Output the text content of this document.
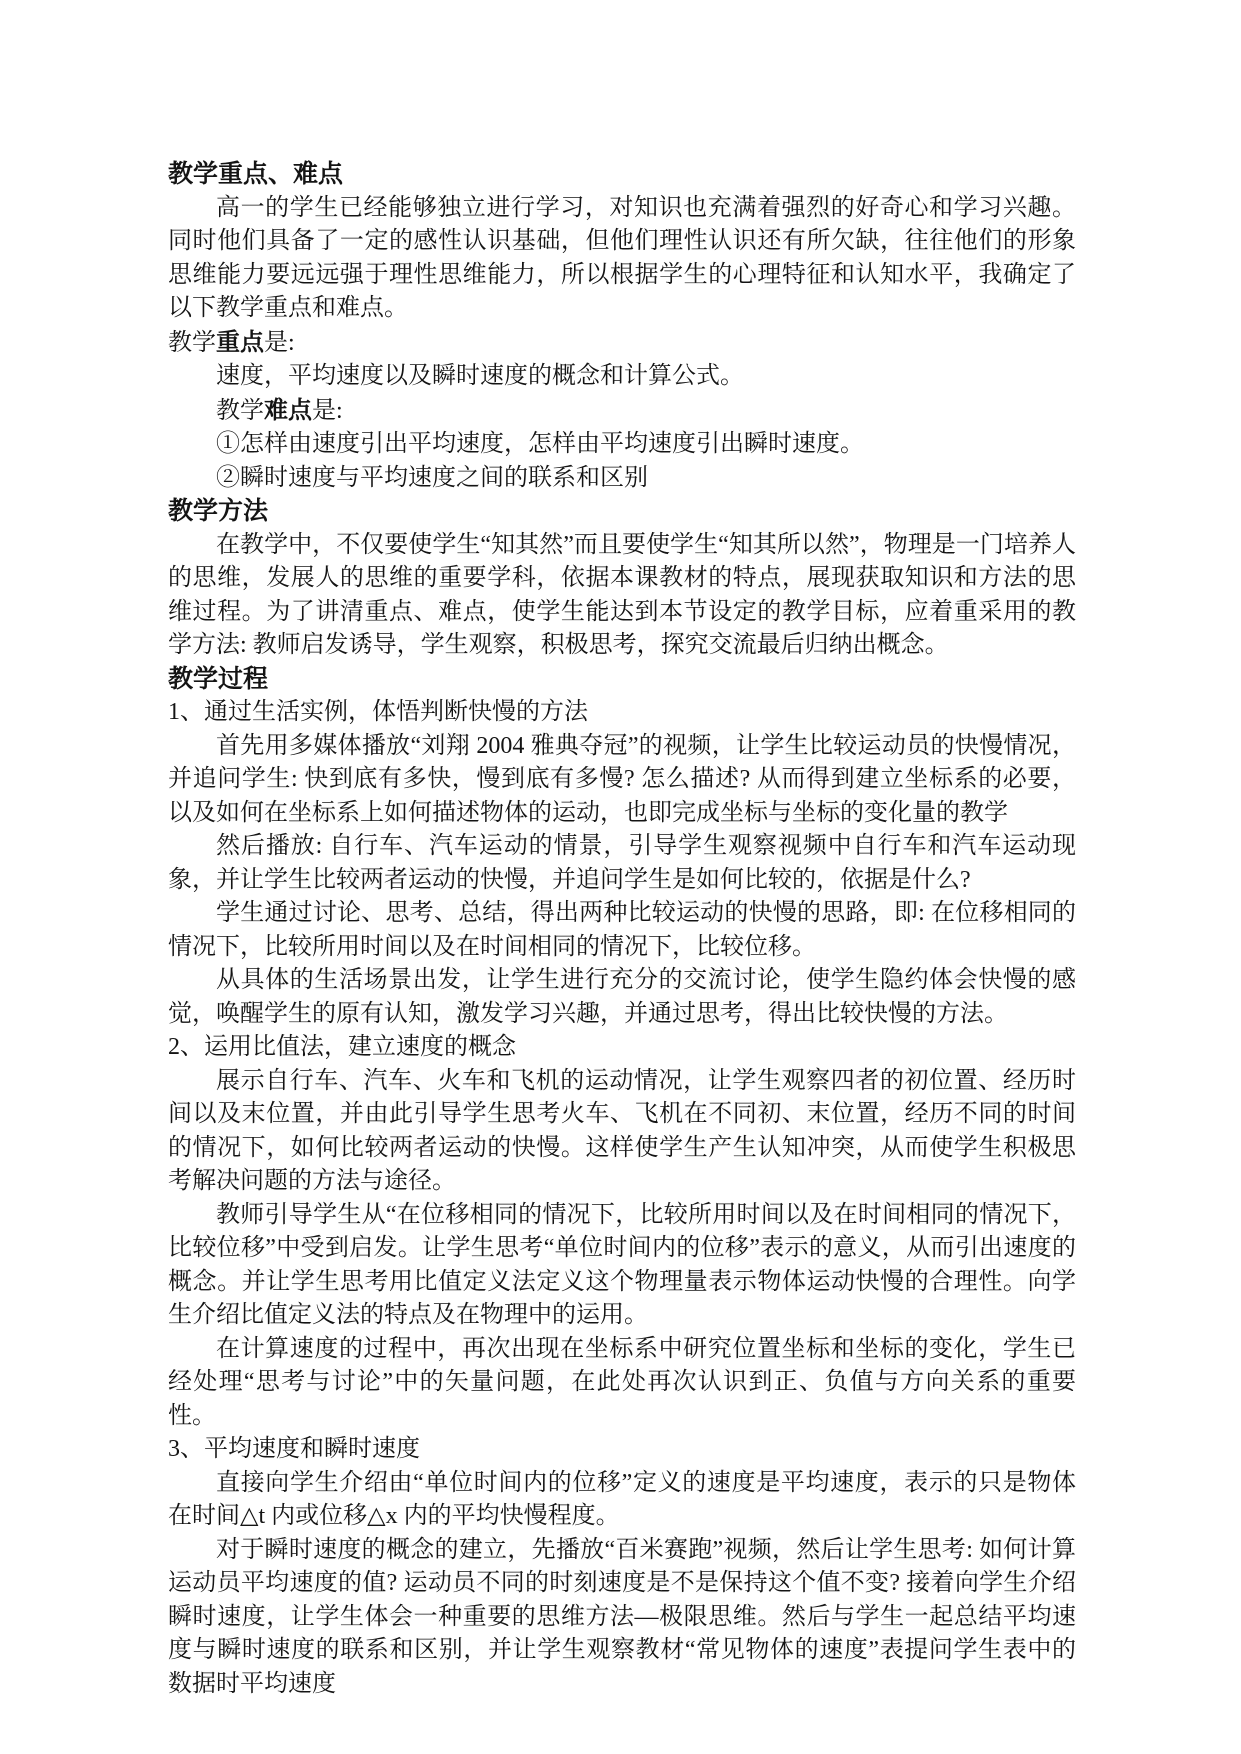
教学重点、难点
高一的学生已经能够独立进行学习，对知识也充满着强烈的好奇心和学习兴趣。同时他们具备了一定的感性认识基础，但他们理性认识还有所欠缺，往往他们的形象思维能力要远远强于理性思维能力，所以根据学生的心理特征和认知水平，我确定了以下教学重点和难点。
教学重点是:
速度，平均速度以及瞬时速度的概念和计算公式。
教学难点是:
①怎样由速度引出平均速度，怎样由平均速度引出瞬时速度。
②瞬时速度与平均速度之间的联系和区别
教学方法
在教学中，不仅要使学生“知其然”而且要使学生“知其所以然”，物理是一门培养人的思维，发展人的思维的重要学科，依据本课教材的特点，展现获取知识和方法的思维过程。为了讲清重点、难点，使学生能达到本节设定的教学目标，应着重采用的教学方法: 教师启发诱导，学生观察，积极思考，探究交流最后归纳出概念。
教学过程
1、通过生活实例，体悟判断快慢的方法
首先用多媒体播放“刘翔 2004 雅典夺冠”的视频，让学生比较运动员的快慢情况，并追问学生: 快到底有多快，慢到底有多慢? 怎么描述? 从而得到建立坐标系的必要，以及如何在坐标系上如何描述物体的运动，也即完成坐标与坐标的变化量的教学
然后播放: 自行车、汽车运动的情景，引导学生观察视频中自行车和汽车运动现象，并让学生比较两者运动的快慢，并追问学生是如何比较的，依据是什么?
学生通过讨论、思考、总结，得出两种比较运动的快慢的思路，即: 在位移相同的情况下，比较所用时间以及在时间相同的情况下，比较位移。
从具体的生活场景出发，让学生进行充分的交流讨论，使学生隐约体会快慢的感觉，唤醒学生的原有认知，激发学习兴趣，并通过思考，得出比较快慢的方法。
2、运用比值法，建立速度的概念
展示自行车、汽车、火车和飞机的运动情况，让学生观察四者的初位置、经历时间以及末位置，并由此引导学生思考火车、飞机在不同初、末位置，经历不同的时间的情况下，如何比较两者运动的快慢。这样使学生产生认知冲突，从而使学生积极思考解决问题的方法与途径。
教师引导学生从“在位移相同的情况下，比较所用时间以及在时间相同的情况下，比较位移”中受到启发。让学生思考“单位时间内的位移”表示的意义，从而引出速度的概念。并让学生思考用比值定义法定义这个物理量表示物体运动快慢的合理性。向学生介绍比值定义法的特点及在物理中的运用。
在计算速度的过程中，再次出现在坐标系中研究位置坐标和坐标的变化，学生已经处理“思考与讨论”中的矢量问题，在此处再次认识到正、负值与方向关系的重要性。
3、平均速度和瞬时速度
直接向学生介绍由“单位时间内的位移”定义的速度是平均速度，表示的只是物体在时间△t 内或位移△x 内的平均快慢程度。
对于瞬时速度的概念的建立，先播放“百米赛跑”视频，然后让学生思考: 如何计算运动员平均速度的值? 运动员不同的时刻速度是不是保持这个值不变? 接着向学生介绍瞬时速度，让学生体会一种重要的思维方法—极限思维。然后与学生一起总结平均速度与瞬时速度的联系和区别，并让学生观察教材“常见物体的速度”表提问学生表中的数据时平均速度
